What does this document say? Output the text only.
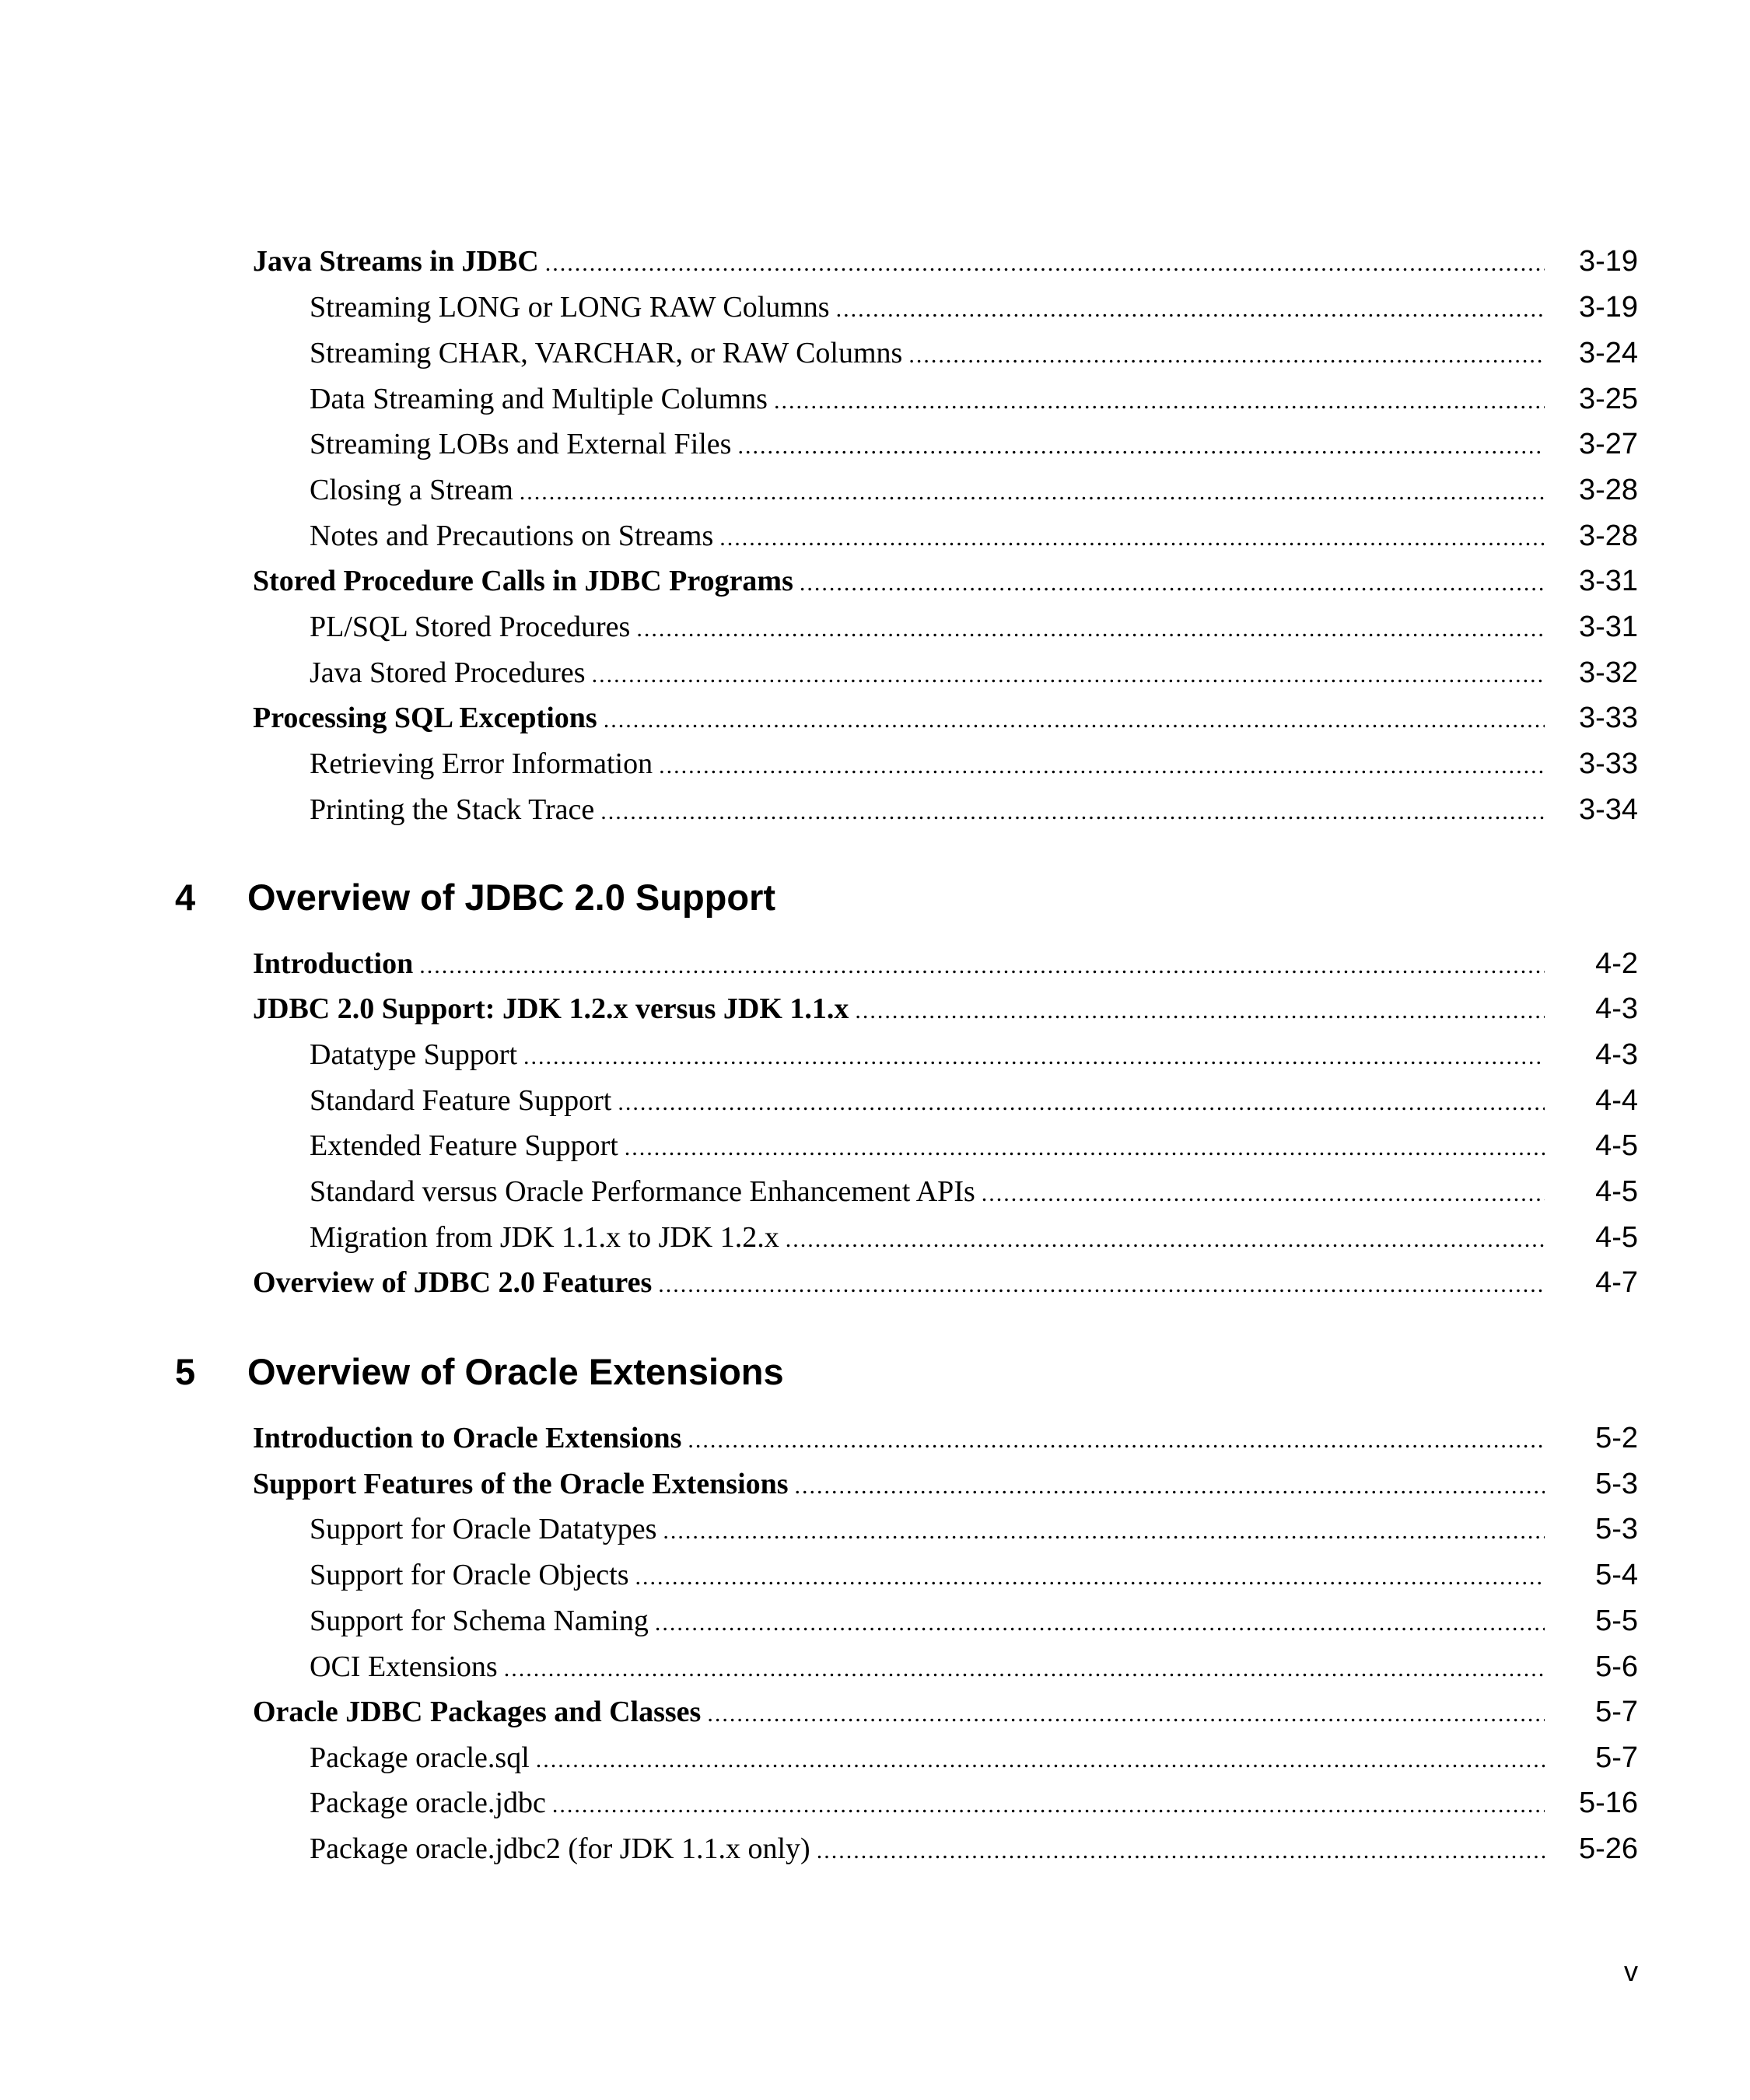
Java Streams in JDBC .....	3-19
Streaming LONG or LONG RAW Columns .....	3-19
Streaming CHAR, VARCHAR, or RAW Columns .....	3-24
Data Streaming and Multiple Columns .....	3-25
Streaming LOBs and External Files .....	3-27
Closing a Stream .....	3-28
Notes and Precautions on Streams .....	3-28
Stored Procedure Calls in JDBC Programs .....	3-31
PL/SQL Stored Procedures .....	3-31
Java Stored Procedures .....	3-32
Processing SQL Exceptions .....	3-33
Retrieving Error Information .....	3-33
Printing the Stack Trace .....	3-34
4 Overview of JDBC 2.0 Support
Introduction .....	4-2
JDBC 2.0 Support: JDK 1.2.x versus JDK 1.1.x .....	4-3
Datatype Support .....	4-3
Standard Feature Support .....	4-4
Extended Feature Support .....	4-5
Standard versus Oracle Performance Enhancement APIs .....	4-5
Migration from JDK 1.1.x to JDK 1.2.x .....	4-5
Overview of JDBC 2.0 Features .....	4-7
5 Overview of Oracle Extensions
Introduction to Oracle Extensions .....	5-2
Support Features of the Oracle Extensions .....	5-3
Support for Oracle Datatypes .....	5-3
Support for Oracle Objects .....	5-4
Support for Schema Naming .....	5-5
OCI Extensions .....	5-6
Oracle JDBC Packages and Classes .....	5-7
Package oracle.sql .....	5-7
Package oracle.jdbc .....	5-16
Package oracle.jdbc2 (for JDK 1.1.x only) .....	5-26
v
